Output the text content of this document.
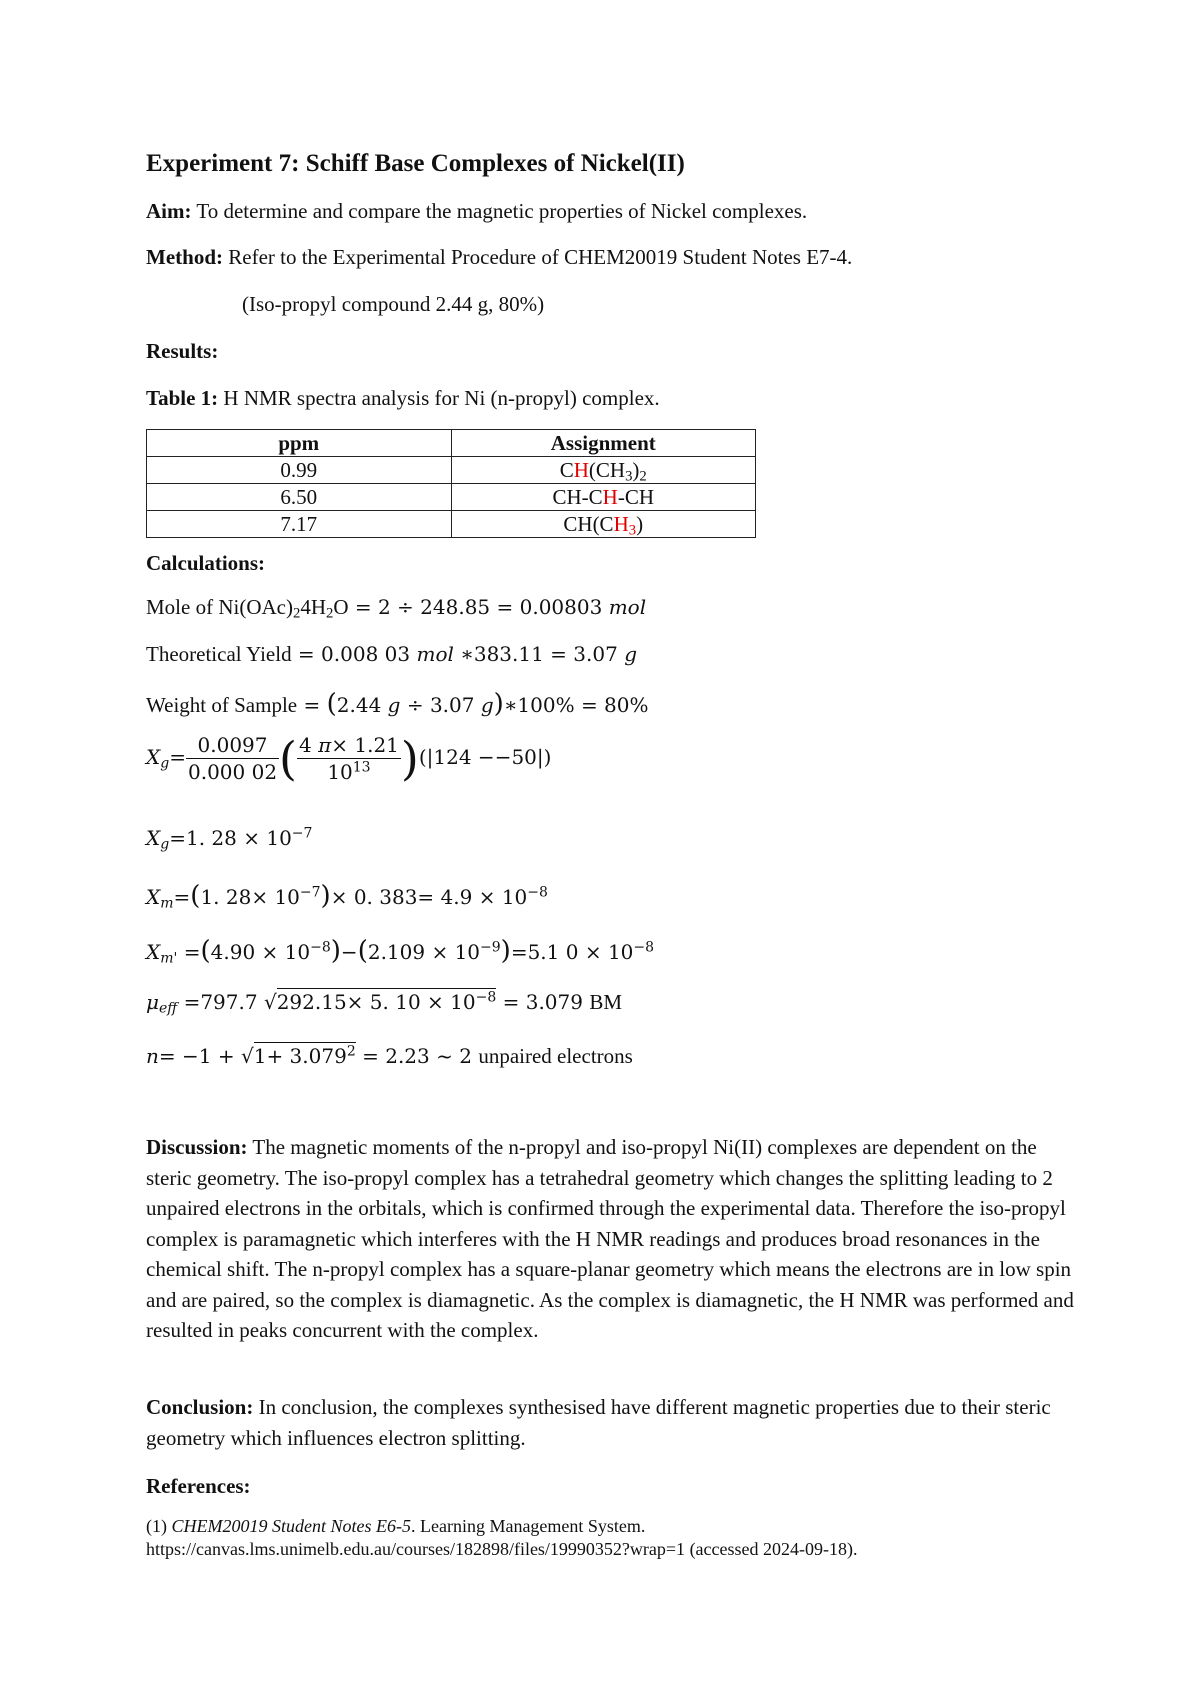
Experiment 7: Schiff Base Complexes of Nickel(II)
Aim: To determine and compare the magnetic properties of Nickel complexes.
Method: Refer to the Experimental Procedure of CHEM20019 Student Notes E7-4.
(Iso-propyl compound 2.44 g, 80%)
Results:
Table 1: H NMR spectra analysis for Ni (n-propyl) complex.
ppm	Assignment
0.99	$CH(CH_3)_2$
6.50	CH-CH-CH
7.17	$CH(CH_3)$
Calculations:
Mole of $Ni(OAc)_24H_2O = 2 \div 248.85 = 0.00803$ mol
Theoretical Yield = 0.008 03 mol ∗383.11 = 3.07 g
Weight of Sample = (2.44 g ÷ 3.07 g)∗100% = 80%
$X_g= \frac{0.0097}{0.000 02}$ ( $\frac{4 \pi\times 1.21}{10^{13}} )(|124 --50|)$
$X_g=1$. $28 \times 10^{-7}$
$X_m=(1$. $28\times 10^{-7})\times 0$. $383= 4.9 \times 10^{-8}$
$X_{m'} =(4.90 \times 10^{-8})-(2.109 \times 10^{-9})=5.1$ $0 \times 10^{-8}$
$\mu_{eff} =797.7$ √292.15× 5. $10 \times 10^{-8} = 3.079$ BM
$n= -1 + √1+ 3.079^2 = 2.23$ ~ 2 unpaired electrons
Discussion: The magnetic moments of the n-propyl and iso-propyl Ni(II) complexes are dependent on the steric geometry. The iso-propyl complex has a tetrahedral geometry which changes the splitting leading to 2 unpaired electrons in the orbitals, which is confirmed through the experimental data. Therefore the iso-propyl complex is paramagnetic which interferes with the H NMR readings and produces broad resonances in the chemical shift. The n-propyl complex has a square-planar geometry which means the electrons are in low spin and are paired, so the complex is diamagnetic. As the complex is diamagnetic, the H NMR was performed and resulted in peaks concurrent with the complex.
Conclusion: In conclusion, the complexes synthesised have different magnetic properties due to their steric geometry which influences electron splitting.
References:
(1) CHEM20019 Student Notes E6-5. Learning Management System.
https://canvas.lms.unimelb.edu.au/courses/182898/files/19990352?wrap=1 (accessed 2024-09-18).
